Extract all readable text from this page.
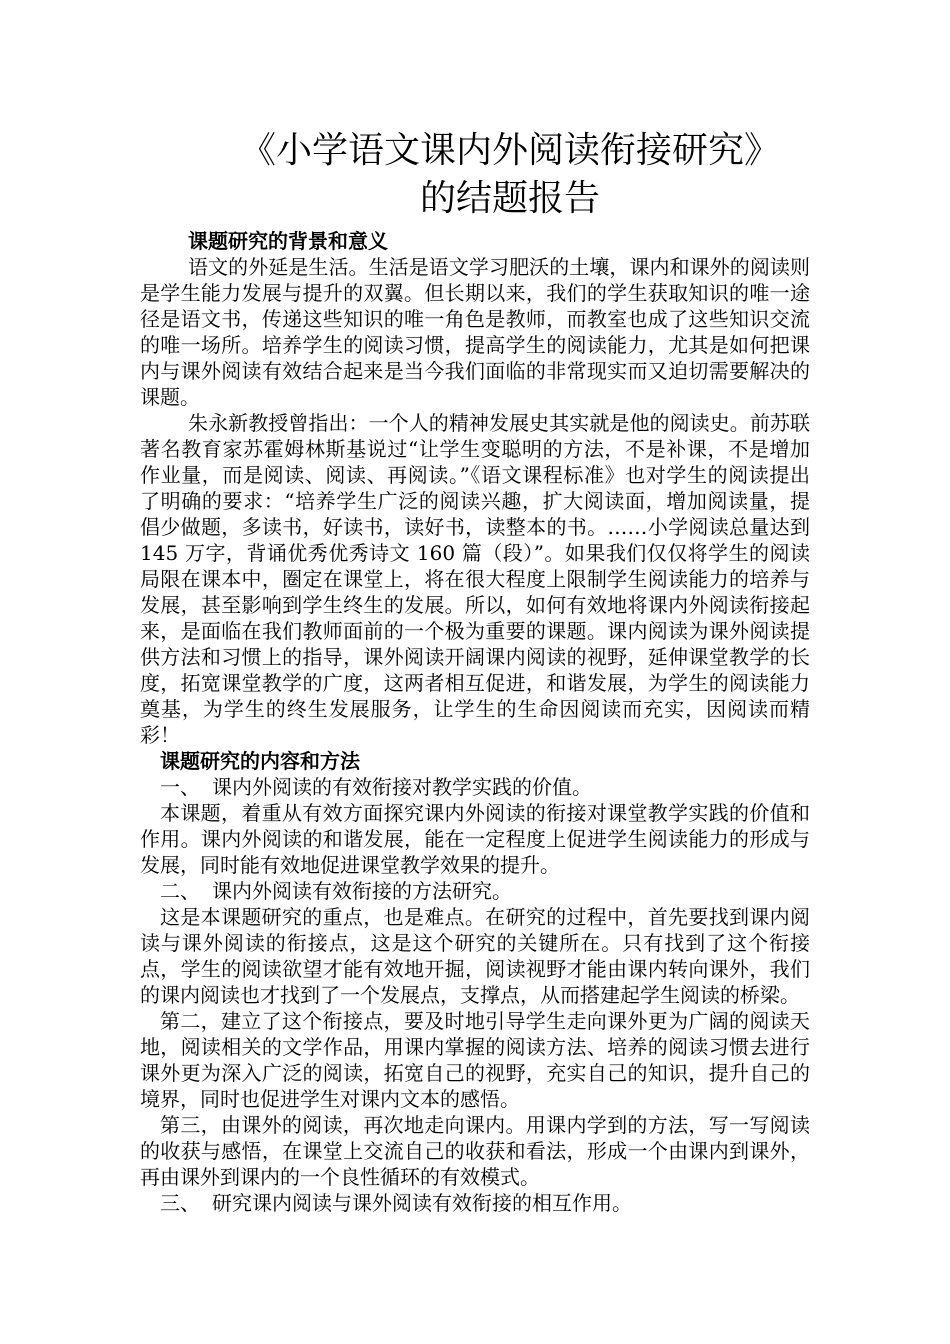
《小学语文课内外阅读衔接研究》
的结题报告
课题研究的背景和意义

语文的外延是生活。生活是语文学习肥沃的土壤，课内和课外的阅读则是学生能力发展与提升的双翼。但长期以来，我们的学生获取知识的唯一途径是语文书，传递这些知识的唯一角色是教师，而教室也成了这些知识交流的唯一场所。培养学生的阅读习惯，提高学生的阅读能力，尤其是如何把课内与课外阅读有效结合起来是当今我们面临的非常现实而又迫切需要解决的课题。

朱永新教授曾指出：一个人的精神发展史其实就是他的阅读史。前苏联著名教育家苏霍姆林斯基说过“让学生变聪明的方法，不是补课，不是增加作业量，而是阅读、阅读、再阅读。”《语文课程标准》也对学生的阅读提出了明确的要求：“培养学生广泛的阅读兴趣，扩大阅读面，增加阅读量，提倡少做题，多读书，好读书，读好书，读整本的书。……小学阅读总量达到 145 万字，背诵优秀优秀诗文 160 篇（段）”。如果我们仅仅将学生的阅读局限在课本中，圈定在课堂上，将在很大程度上限制学生阅读能力的培养与发展，甚至影响到学生终生的发展。所以，如何有效地将课内外阅读衔接起来，是面临在我们教师面前的一个极为重要的课题。课内阅读为课外阅读提供方法和习惯上的指导，课外阅读开阔课内阅读的视野，延伸课堂教学的长度，拓宽课堂教学的广度，这两者相互促进，和谐发展，为学生的阅读能力奠基，为学生的终生发展服务，让学生的生命因阅读而充实，因阅读而精彩！

课题研究的内容和方法

一、 课内外阅读的有效衔接对教学实践的价值。

本课题，着重从有效方面探究课内外阅读的衔接对课堂教学实践的价值和作用。课内外阅读的和谐发展，能在一定程度上促进学生阅读能力的形成与发展，同时能有效地促进课堂教学效果的提升。

二、 课内外阅读有效衔接的方法研究。

这是本课题研究的重点，也是难点。在研究的过程中，首先要找到课内阅读与课外阅读的衔接点，这是这个研究的关键所在。只有找到了这个衔接点，学生的阅读欲望才能有效地开掘，阅读视野才能由课内转向课外，我们的课内阅读也才找到了一个发展点，支撑点，从而搭建起学生阅读的桥梁。

第二，建立了这个衔接点，要及时地引导学生走向课外更为广阔的阅读天地，阅读相关的文学作品，用课内掌握的阅读方法、培养的阅读习惯去进行课外更为深入广泛的阅读，拓宽自己的视野，充实自己的知识，提升自己的境界，同时也促进学生对课内文本的感悟。

第三，由课外的阅读，再次地走向课内。用课内学到的方法，写一写阅读的收获与感悟，在课堂上交流自己的收获和看法，形成一个由课内到课外，再由课外到课内的一个良性循环的有效模式。

三、 研究课内阅读与课外阅读有效衔接的相互作用。
